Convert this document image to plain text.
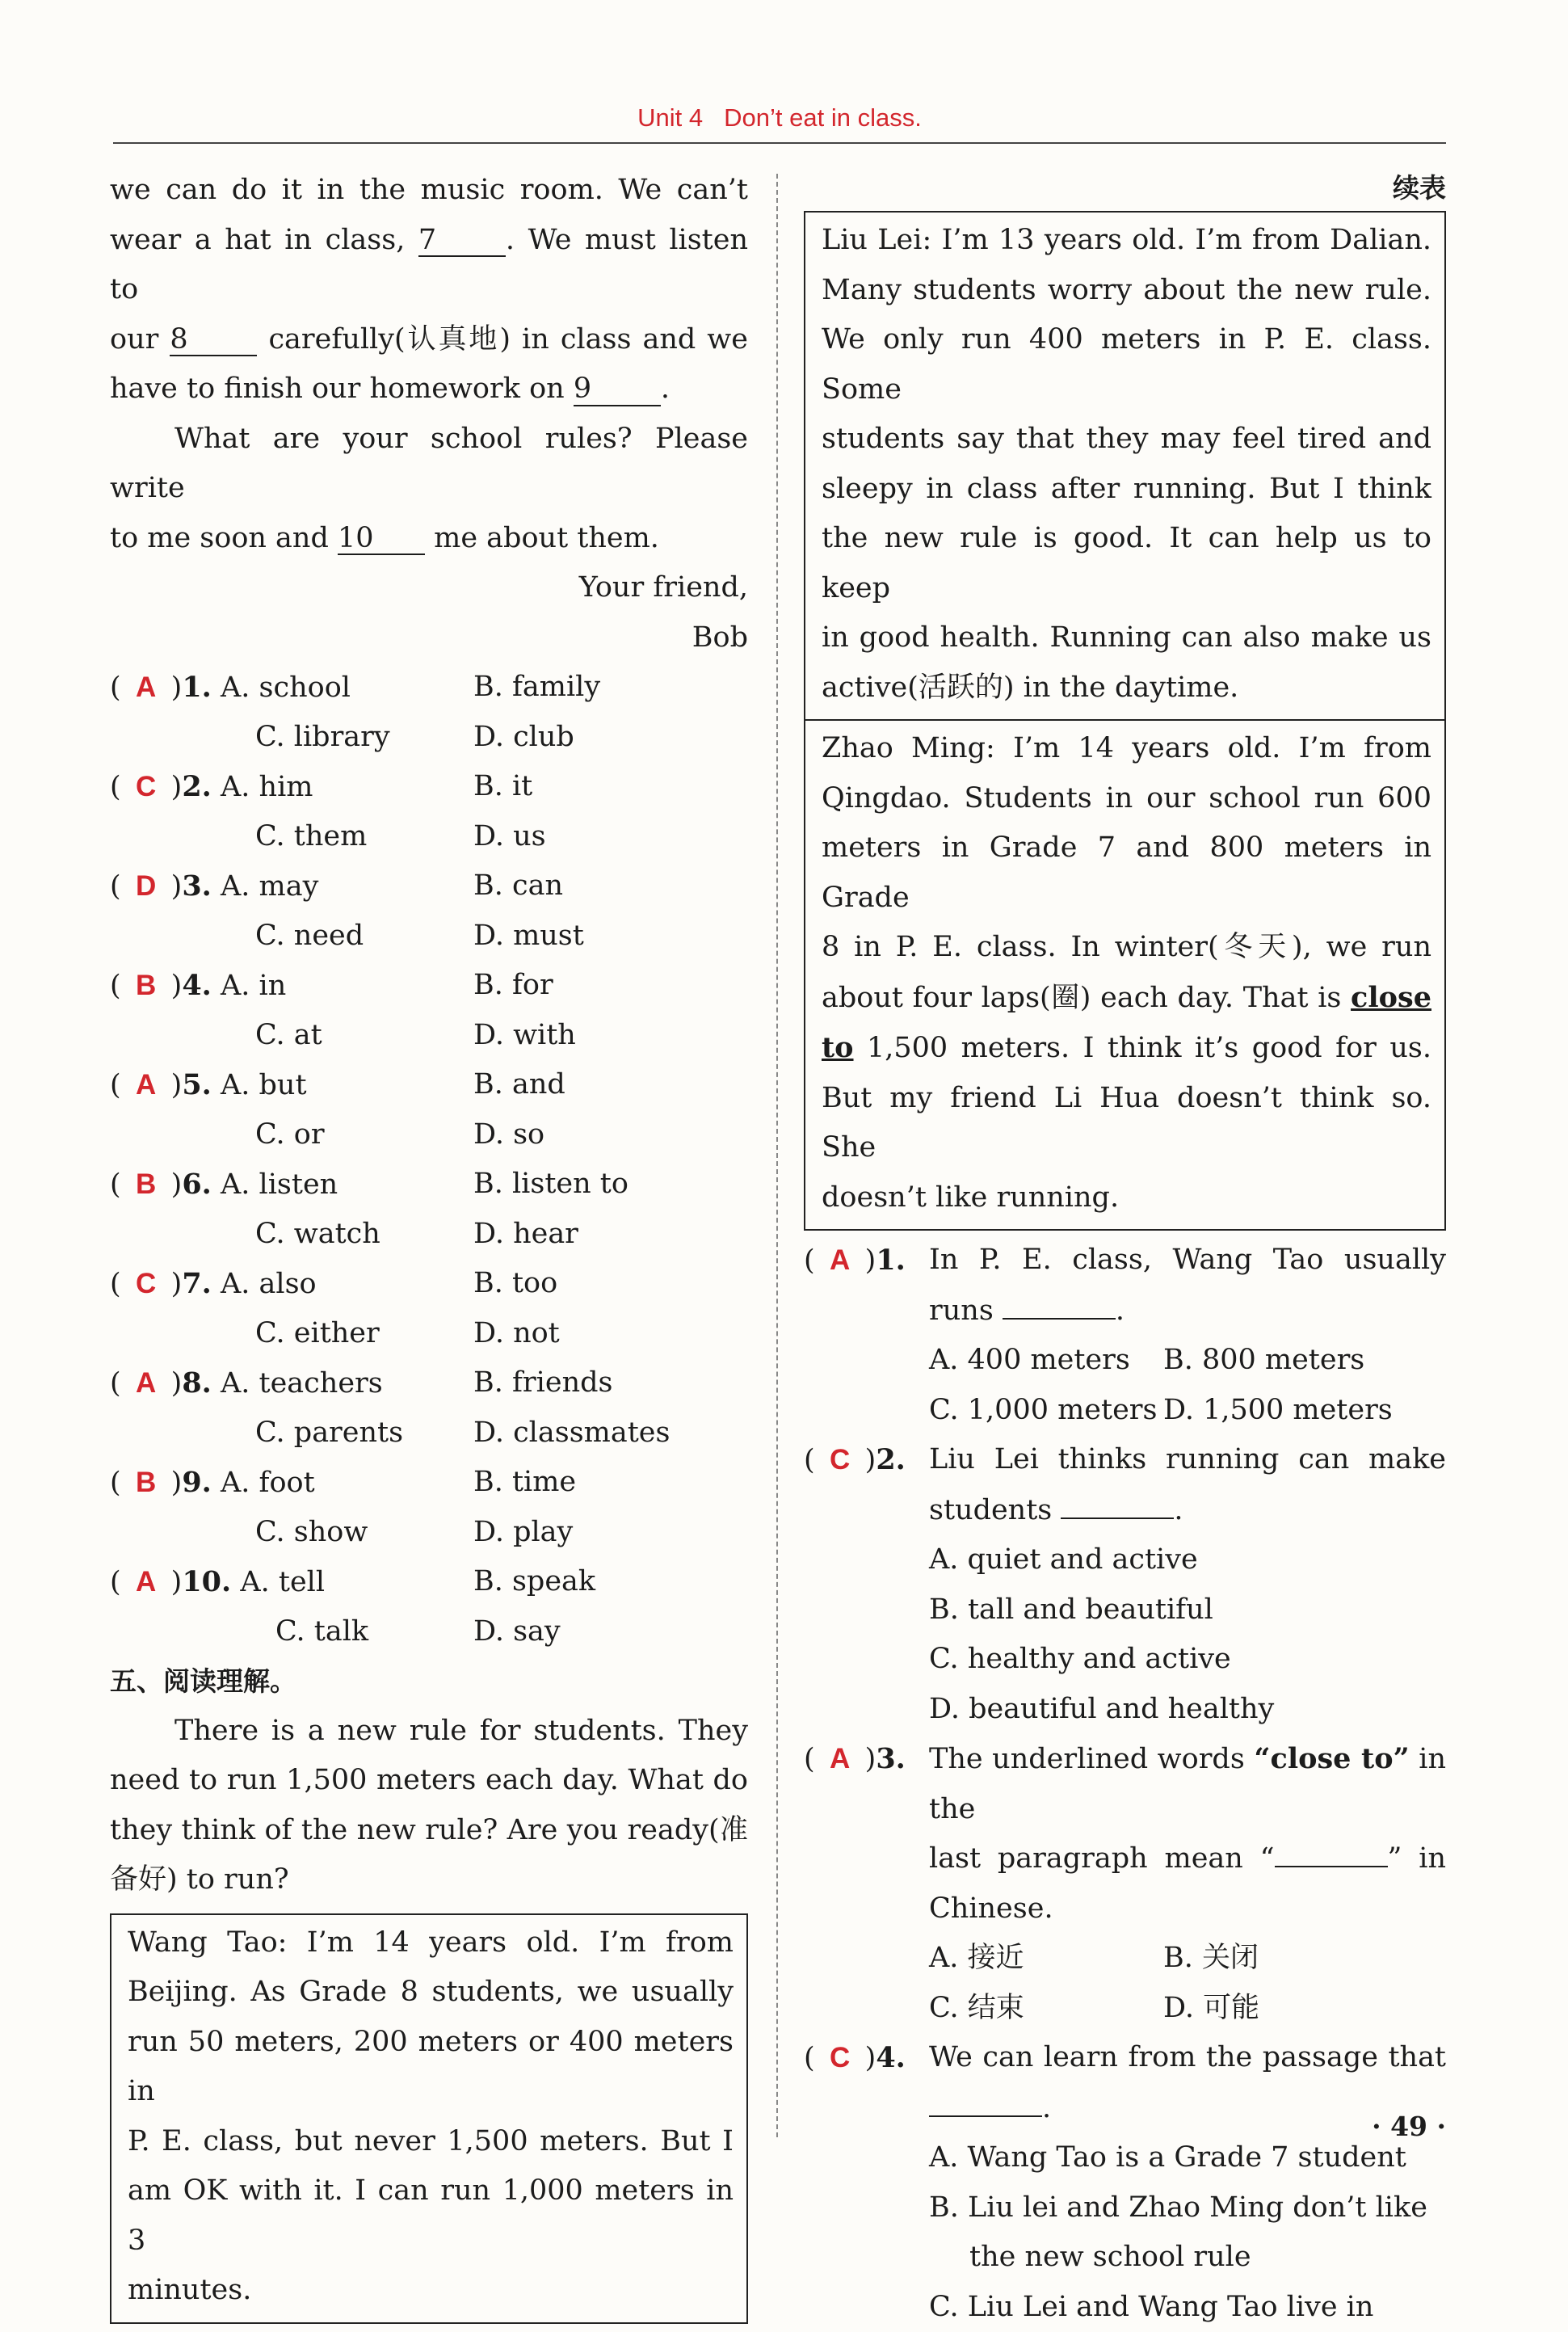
Unit 4 Don’t eat in class.

we can do it in the music room. We can’t

wear a hat in class, 7 . We must listen to

our 8	carefully(认真地) in class and we

have to finish our homework on 9 .

What are your school rules? Please write

to me soon and 10 me about them.

Your friend,

Bob

( A )1. A. school	B. family
C. library	D. club
( C )2. A. him	B. it
C. them	D. us
( D )3. A. may	B. can
C. need	D. must
( B )4. A. in	B. for
C. at	D. with
( A )5. A. but	B. and
C. or	D. so
( B )6. A. listen	B. listen to
C. watch	D. hear
( C )7. A. also	B. too
C. either	D. not
( A )8. A. teachers	B. friends
C. parents	D. classmates
( B )9. A. foot	B. time
C. show	D. play
( A )10. A. tell	B. speak
C. talk	D. say

五、阅读理解。

There is a new rule for students. They

need to run 1,500 meters each day. What do

they think of the new rule? Are you ready(准

备好) to run?

Wang Tao: I’m 14 years old. I’m from

Beijing. As Grade 8 students, we usually

run 50 meters, 200 meters or 400 meters in

P. E. class, but never 1,500 meters. But I

am OK with it. I can run 1,000 meters in 3

minutes.

续表

Liu Lei: I’m 13 years old. I’m from Dalian.

Many students worry about the new rule.

We only run 400 meters in P. E. class. Some

students say that they may feel tired and

sleepy in class after running. But I think

the new rule is good. It can help us to keep

in good health. Running can also make us

active(活跃的) in the daytime.

Zhao Ming: I’m 14 years old. I’m from

Qingdao. Students in our school run 600

meters in Grade 7 and 800 meters in Grade

8 in P. E. class. In winter(冬天), we run

about four laps(圈) each day. That is close

to 1,500 meters. I think it’s good for us.

But my friend Li Hua doesn’t think so. She

doesn’t like running.

( A )1. In P. E. class, Wang Tao usually

runs	.

A. 400 meters	B. 800 meters
C. 1,000 meters D. 1,500 meters
( C )2. Liu Lei thinks running can make

students	.

A. quiet and active

B. tall and beautiful

C. healthy and active

D. beautiful and healthy

( A )3. The underlined words “close to” in the

last paragraph mean “	” in

Chinese.

A. 接近	B. 关闭
C. 结束	D. 可能
( C )4. We can learn from the passage that

.

A. Wang Tao is a Grade 7 student

B. Liu lei and Zhao Ming don’t like

the new school rule

C. Liu Lei and Wang Tao live in

· 49 ·
